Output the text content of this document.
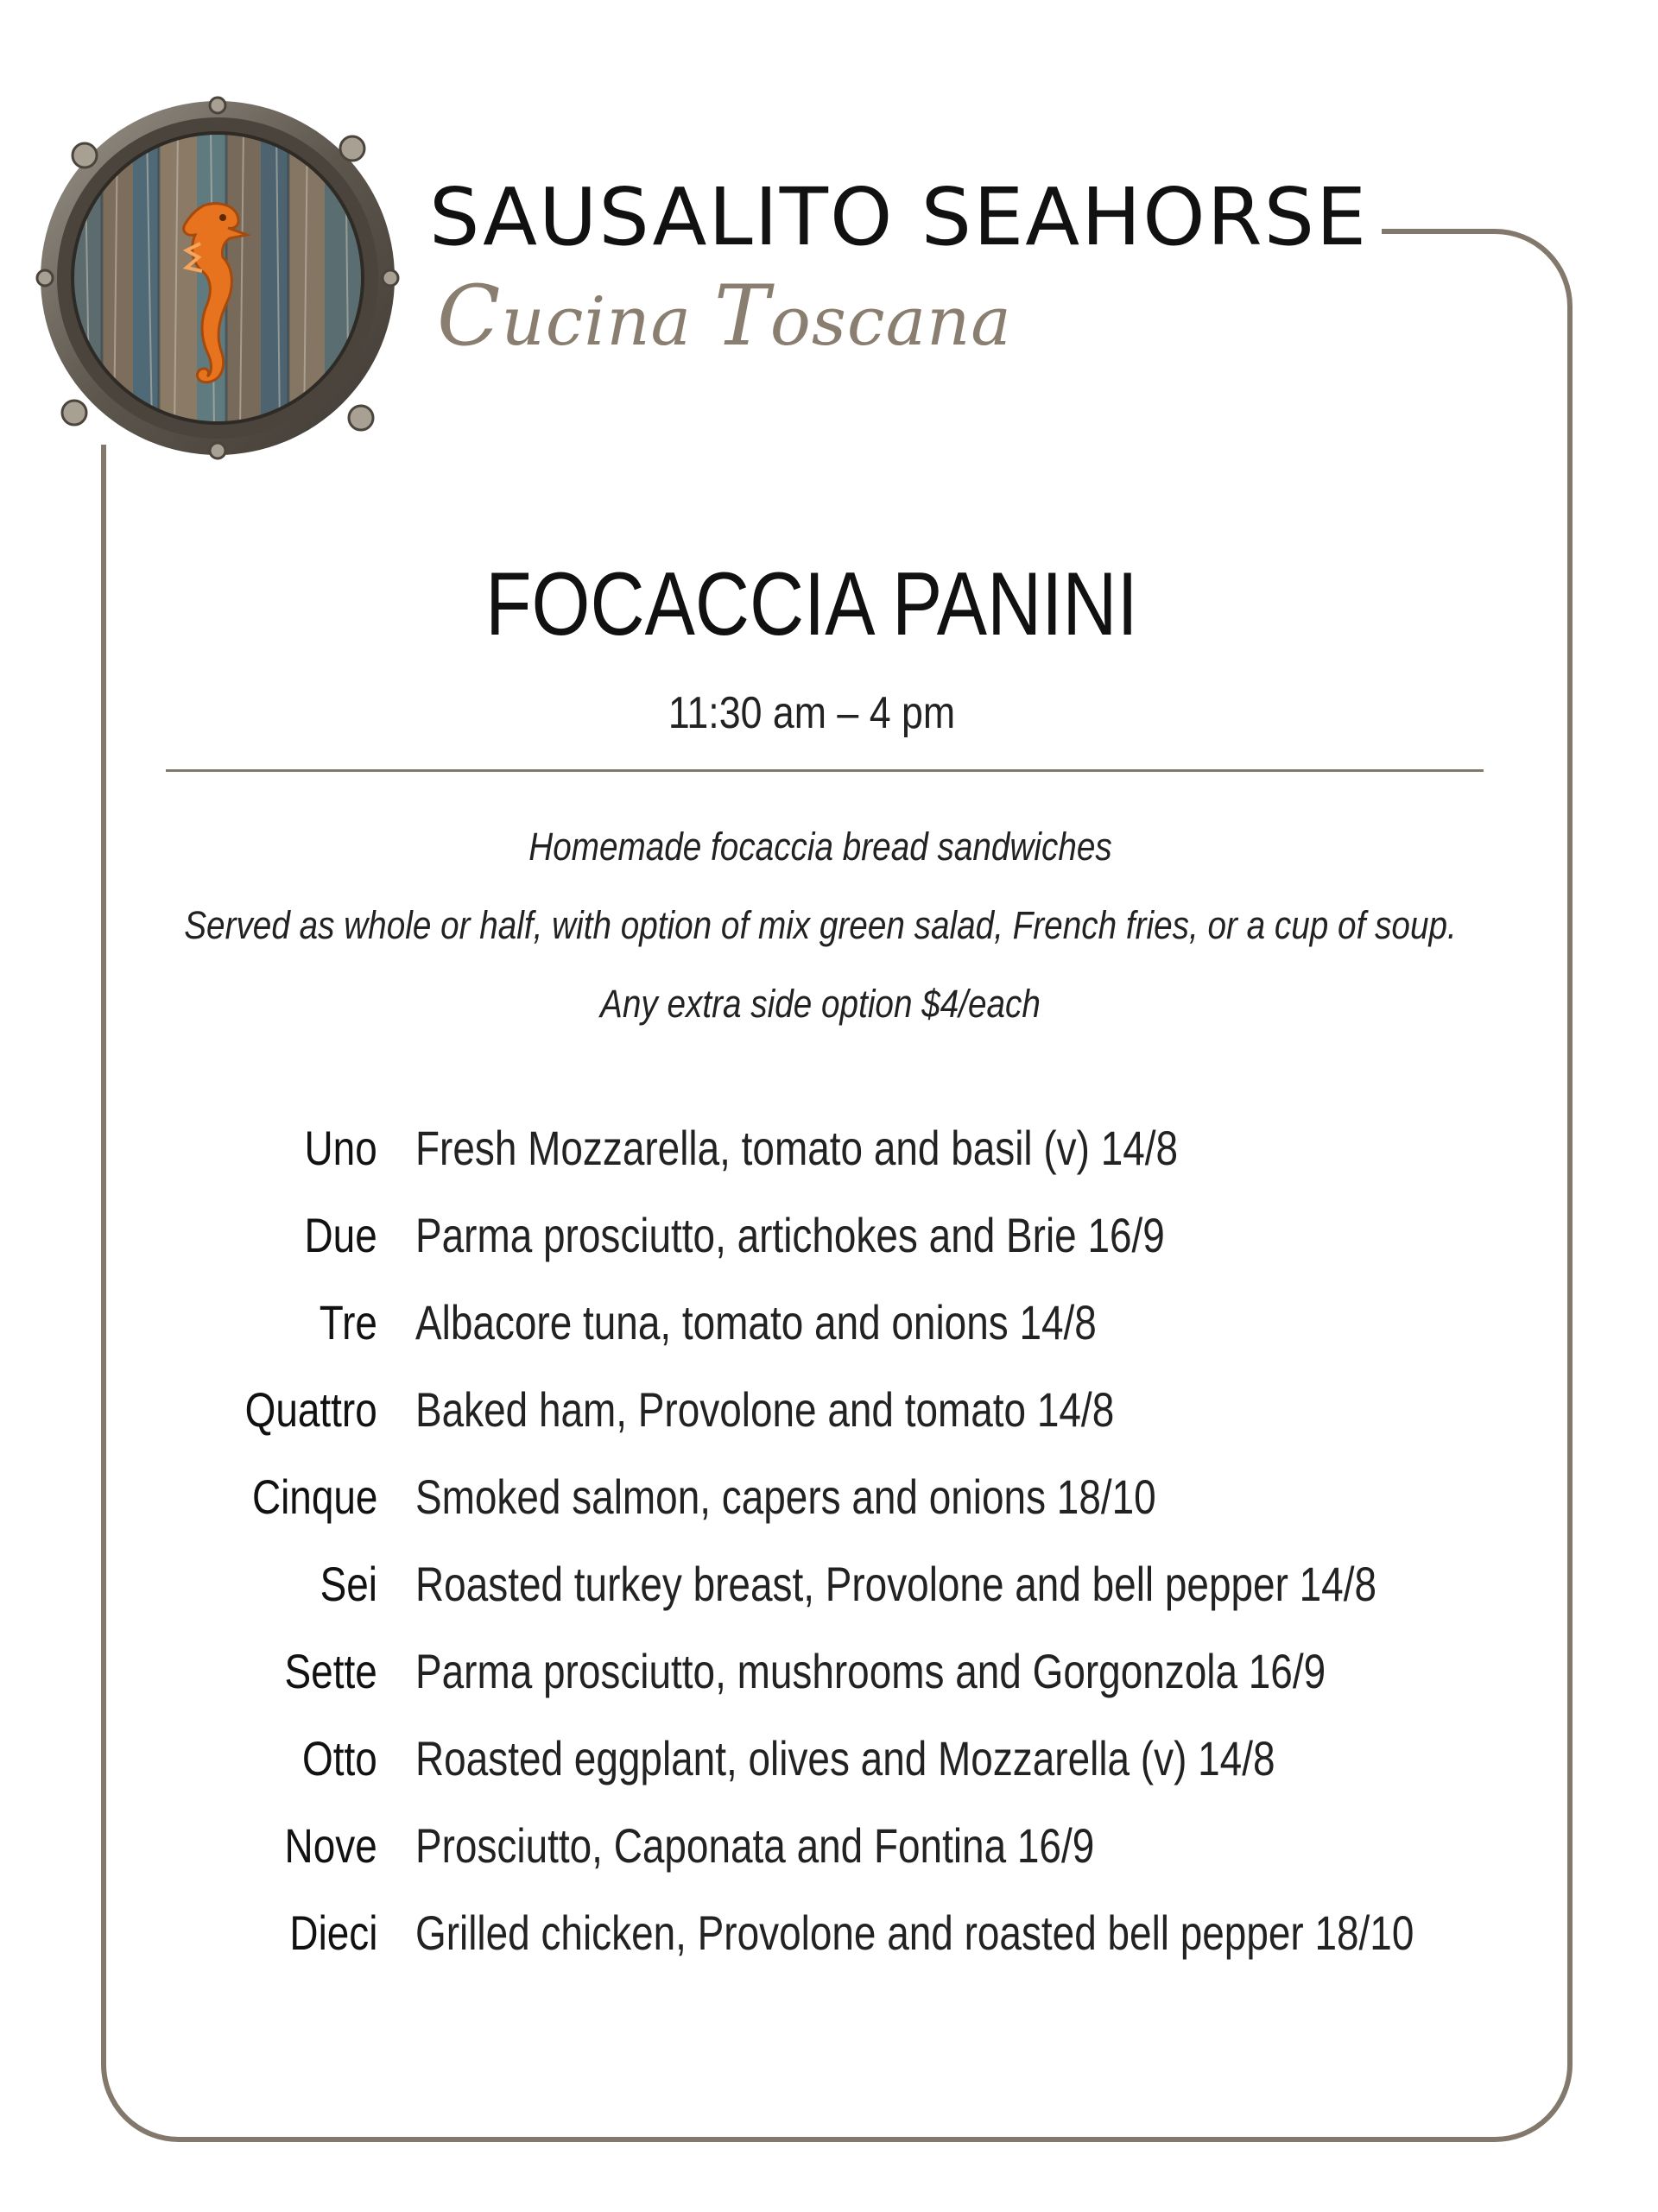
SAUSALITO SEAHORSE
Cucina Toscana
FOCACCIA PANINI
11:30 am – 4 pm
Homemade focaccia bread sandwiches
Served as whole or half, with option of mix green salad, French fries, or a cup of soup.
Any extra side option $4/each
Uno Fresh Mozzarella, tomato and basil (v) 14/8
Due Parma prosciutto, artichokes and Brie 16/9
Tre Albacore tuna, tomato and onions 14/8
Quattro Baked ham, Provolone and tomato 14/8
Cinque Smoked salmon, capers and onions 18/10
Sei Roasted turkey breast, Provolone and bell pepper 14/8
Sette Parma prosciutto, mushrooms and Gorgonzola 16/9
Otto Roasted eggplant, olives and Mozzarella (v) 14/8
Nove Prosciutto, Caponata and Fontina 16/9
Dieci Grilled chicken, Provolone and roasted bell pepper 18/10
